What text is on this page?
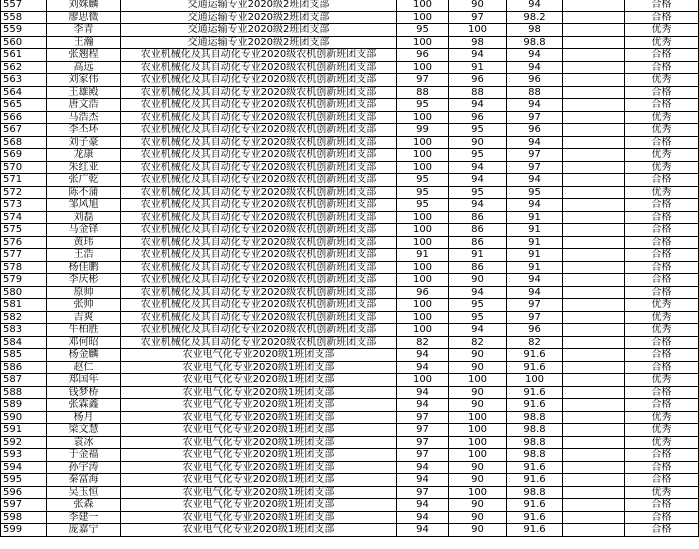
557	刘姝麟	交通运输专业2020级2班团支部	100	90	94		合格
558	廖思微	交通运输专业2020级2班团支部	100	97	98.2		合格
559	李青	交通运输专业2020级2班团支部	95	100	98		优秀
560	王瀚	交通运输专业2020级2班团支部	100	98	98.8		优秀
561	张翘程	农业机械化及其自动化专业2020级农机创新班团支部	96	94	94		合格
562	高远	农业机械化及其自动化专业2020级农机创新班团支部	100	91	94		合格
563	刘家伟	农业机械化及其自动化专业2020级农机创新班团支部	97	96	96		优秀
564	王雄殿	农业机械化及其自动化专业2020级农机创新班团支部	88	88	88		合格
565	唐文浩	农业机械化及其自动化专业2020级农机创新班团支部	95	94	94		合格
566	马浩杰	农业机械化及其自动化专业2020级农机创新班团支部	100	96	97		优秀
567	李丕环	农业机械化及其自动化专业2020级农机创新班团支部	99	95	96		优秀
568	刘子豪	农业机械化及其自动化专业2020级农机创新班团支部	100	90	94		合格
569	龙康	农业机械化及其自动化专业2020级农机创新班团支部	100	95	97		优秀
570	朱红亚	农业机械化及其自动化专业2020级农机创新班团支部	100	94	97		优秀
571	张广乾	农业机械化及其自动化专业2020级农机创新班团支部	95	94	94		合格
572	陈不蒲	农业机械化及其自动化专业2020级农机创新班团支部	95	95	95		优秀
573	邹风旭	农业机械化及其自动化专业2020级农机创新班团支部	95	94	94		合格
574	刘磊	农业机械化及其自动化专业2020级农机创新班团支部	100	86	91		合格
575	马金铎	农业机械化及其自动化专业2020级农机创新班团支部	100	86	91		合格
576	黄玮	农业机械化及其自动化专业2020级农机创新班团支部	100	86	91		合格
577	王浩	农业机械化及其自动化专业2020级农机创新班团支部	91	91	91		合格
578	杨佳鹏	农业机械化及其自动化专业2020级农机创新班团支部	100	86	91		合格
579	李庆彬	农业机械化及其自动化专业2020级农机创新班团支部	100	90	94		合格
580	原帅	农业机械化及其自动化专业2020级农机创新班团支部	96	94	94		合格
581	张帅	农业机械化及其自动化专业2020级农机创新班团支部	100	95	97		优秀
582	吉爽	农业机械化及其自动化专业2020级农机创新班团支部	100	95	97		优秀
583	牛柏胜	农业机械化及其自动化专业2020级农机创新班团支部	100	94	96		优秀
584	邓何昭	农业机械化及其自动化专业2020级农机创新班团支部	82	82	82		合格
585	杨金麟	农业电气化专业2020级1班团支部	94	90	91.6		合格
586	赵仁	农业电气化专业2020级1班团支部	94	90	91.6		合格
587	郑国年	农业电气化专业2020级1班团支部	100	100	100		优秀
588	钱梦桥	农业电气化专业2020级1班团支部	94	90	91.6		合格
589	张霖鑫	农业电气化专业2020级1班团支部	94	90	91.6		合格
590	杨月	农业电气化专业2020级1班团支部	97	100	98.8		优秀
591	梁文慧	农业电气化专业2020级1班团支部	97	100	98.8		优秀
592	袁冰	农业电气化专业2020级1班团支部	97	100	98.8		优秀
593	于金福	农业电气化专业2020级1班团支部	97	100	98.8		合格
594	孙宇涛	农业电气化专业2020级1班团支部	94	90	91.6		合格
595	秦富海	农业电气化专业2020级1班团支部	94	90	91.6		合格
596	吴玉恒	农业电气化专业2020级1班团支部	97	100	98.8		优秀
597	张森	农业电气化专业2020级1班团支部	94	90	91.6		合格
598	李建一	农业电气化专业2020级1班团支部	94	90	91.6		合格
599	庞嘉宁	农业电气化专业2020级1班团支部	94	90	91.6		合格
